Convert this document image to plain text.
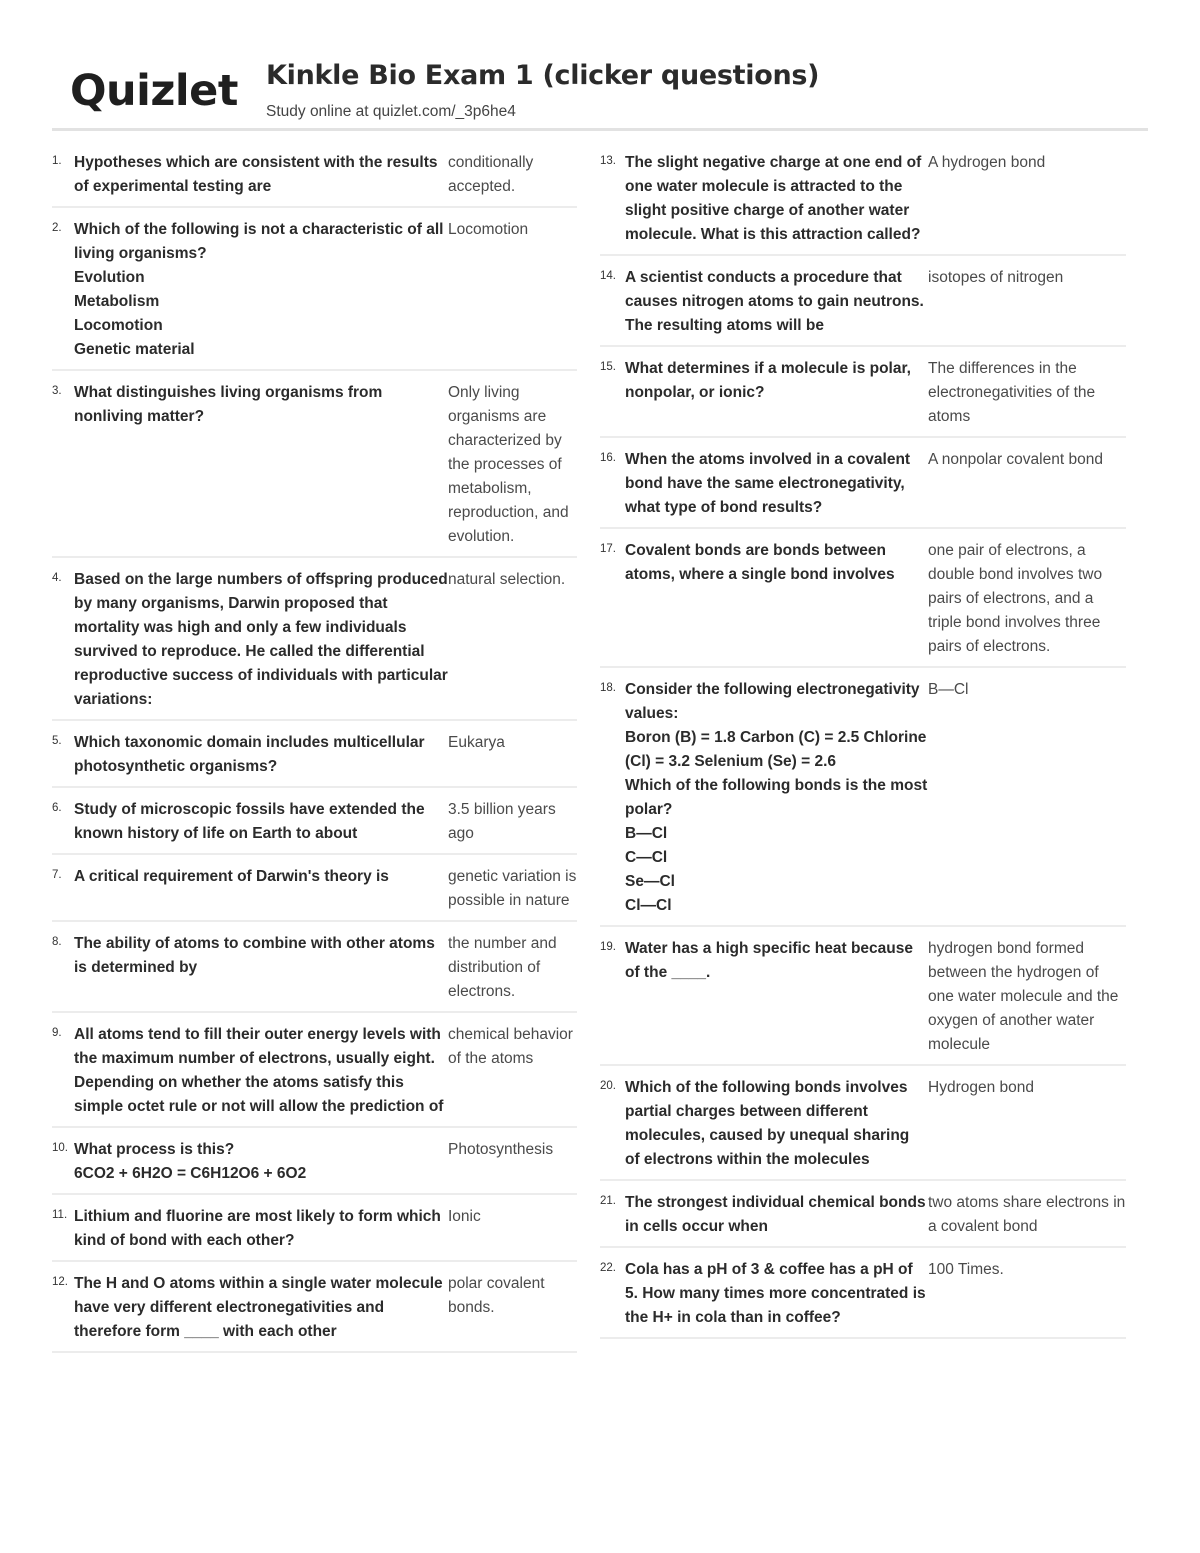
Quizlet Kinkle Bio Exam 1 (clicker questions)
Study online at quizlet.com/_3p6he4
1. Hypotheses which are consistent with the results of experimental testing are
conditionally accepted.
2. Which of the following is not a characteristic of all living organisms?
Evolution
Metabolism
Locomotion
Genetic material
Locomotion
3. What distinguishes living organisms from nonliving matter?
Only living organisms are characterized by the processes of metabolism, reproduction, and evolution.
4. Based on the large numbers of offspring produced by many organisms, Darwin proposed that mortality was high and only a few individuals survived to reproduce. He called the differential reproductive success of individuals with particular variations:
natural selection.
5. Which taxonomic domain includes multicellular photosynthetic organisms?
Eukarya
6. Study of microscopic fossils have extended the known history of life on Earth to about
3.5 billion years ago
7. A critical requirement of Darwin's theory is	genetic variation is possible in nature
8. The ability of atoms to combine with other atoms is determined by
the number and distribution of electrons.
9. All atoms tend to fill their outer energy levels with the maximum number of electrons, usually eight. Depending on whether the atoms satisfy this simple octet rule or not will allow the prediction of
chemical behavior of the atoms
10. What process is this?
6CO2 + 6H2O = C6H12O6 + 6O2
Photosynthesis
11. Lithium and fluorine are most likely to form which kind of bond with each other?
Ionic
12. The H and O atoms within a single water molecule have very different electronegativities and therefore form ____ with each other
polar covalent bonds.
13. The slight negative charge at one end of one water molecule is attracted to the slight positive charge of another water molecule. What is this attraction called?
A hydrogen bond
14. A scientist conducts a procedure that causes nitrogen atoms to gain neutrons. The resulting atoms will be
isotopes of nitrogen
15. What determines if a molecule is polar, nonpolar, or ionic?
The differences in the electronegativities of the atoms
16. When the atoms involved in a covalent bond have the same electronegativity, what type of bond results?
A nonpolar covalent bond
17. Covalent bonds are bonds between atoms, where a single bond involves
one pair of electrons, a double bond involves two pairs of electrons, and a triple bond involves three pairs of electrons.
18. Consider the following electronegativity values:
Boron (B) = 1.8 Carbon (C) = 2.5 Chlorine (Cl) = 3.2 Selenium (Se) = 2.6
Which of the following bonds is the most polar?
B—Cl
C—Cl
Se—Cl
Cl—Cl
B—Cl
19. Water has a high specific heat because of the ____.
hydrogen bond formed between the hydrogen of one water molecule and the oxygen of another water molecule
20. Which of the following bonds involves partial charges between different molecules, caused by unequal sharing of electrons within the molecules
Hydrogen bond
21. The strongest individual chemical bonds in cells occur when
two atoms share electrons in a covalent bond
22. Cola has a pH of 3 & coffee has a pH of 5. How many times more concentrated is the H+ in cola than in coffee?
100 Times.
